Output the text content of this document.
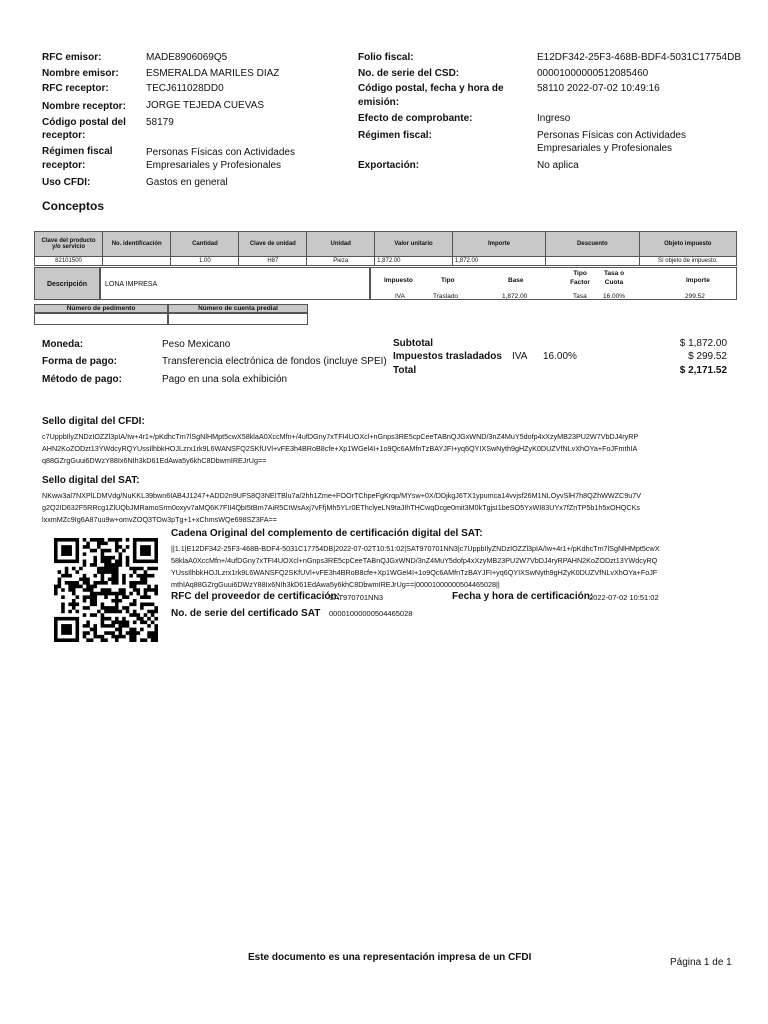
RFC emisor:	MADE8906069Q5
Nombre emisor:	ESMERALDA MARILES DIAZ
RFC receptor:	TECJ611028DD0
Nombre receptor: JORGE TEJEDA CUEVAS
Código postal del
receptor:
58179
Régimen fiscal
receptor:
Personas Físicas con Actividades
Empresariales y Profesionales
Uso CFDI:	Gastos en general
Folio fiscal:	E12DF342-25F3-468B-BDF4-5031C17754DB
No. de serie del CSD:	00001000000512085460
Código postal, fecha y hora de
emisión:
58110 2022-07-02 10:49:16
Efecto de comprobante:	Ingreso
Régimen fiscal:	Personas Físicas con Actividades
Empresariales y Profesionales
Exportación:	No aplica
Conceptos
Clave del producto y/o servicio	No. identificación	Cantidad	Clave de unidad	Unidad	Valor unitario	Importe	Descuento	Objeto impuesto
82101500		1.00	H87	Pieza	1,872.00	1,872.00		Sí objeto de impuesto.
Descripción	LONA IMPRESA
Impuesto	Tipo	Base
Tipo Factor
Tasa o Cuota	Importe
IVA	Traslado	1,872.00	Tasa	16.00%	299.52
Número de pedimento	Número de cuenta predial
Moneda:	Peso Mexicano
Forma de pago:	Transferencia electrónica de fondos (incluye SPEI)
Método de pago:	Pago en una sola exhibición
Subtotal	$ 1,872.00
Impuestos trasladados IVA 16.00%	$ 299.52
Total	$ 2,171.52
Sello digital del CFDI:
c7UppbIlyZNDzIOZZl3pIA/Iw+4r1+/pKdhcTm7lSgNlHMpt5cwX58klaA0XccMfn+/4ufDGny7xTFI4UOXcl+nGnps3RE5cpCeeTABnQJGxWND/3nZ4MuY5dofp4xXzyMB23PU2W7VbDJ4ryRP
AHN2KoZODzt13YWdcyRQYUssIlhbkHOJLzrx1rk9L6WANSFQ2SKfUVl+vFE3h4BRoB8cfe+Xp1WGel4I+1o9Qc6AMfnTzBAYJFI+yq6QYIXSwNyth9gHZyK0DUZVfNLvXhOYa+FoJFmthIA
q88GZrgGuui6DWzY88Ix6NIh3kD61EdAwa5y6khC8DbwmIREJrUg==
Sello digital del SAT:
NKww3al7NXPlLDMVdg/NuKKL39bwn6IAB4J1247+ADD2n9UFS8Q3NEITBlu7a/2hh1Zme+FOOrTChpeFgKrqp/MYsw+0X/DDjkgJ6TX1ypumca14vvjsf26M1NLOyvSlH7h8QZhWWZC9u7V
g2Q2ID632F5RRcg1ZlUQbJMRamoSrm0oxyv7aMQ6K7FII4QbI5tBm7AiR5CtWsAxj7vFfjMh5YLr0EThclyeLN9taJIhTHCwqDcge0mit3M0kTgjsI1beSO5YxWI83UYx7fZnTP5b1h5xOHQCKs
lxxmMZc9Ig6A87uu9w+omvZOQ3TOw3pTg+1+xChmsWQe698SZ3FA==
Cadena Original del complemento de certificación digital del SAT:
||1.1|E12DF342-25F3-468B-BDF4-5031C17754DB|2022-07-02T10:51:02|SAT970701NN3|c7UppbIlyZNDzIOZZl3pIA/Iw+4r1+/pKdhcTm7lSgNlHMpt5cwX
58klaA0XccMfn+/4ufDGny7xTFI4UOXcl+nGnps3RE5cpCeeTABnQJGxWND/3nZ4MuY5dofp4xXzyMB23PU2W7VbDJ4ryRPAHN2KoZODzt13YWdcyRQ
YUssIlhbkHOJLzrx1rk9L6WANSFQ2SKfUVl+vFE3h4BRoB8cfe+Xp1WGel4I+1o9Qc6AMfnTzBAYJFI+yq6QYIXSwNyth9gHZyK0DUZVfNLvXhOYa+FoJF
mthIAq88GZrgGuui6DWzY88Ix6NIh3kD61EdAwa5y6khC8DbwmIREJrUg==|00001000000504465028||
RFC del proveedor de certificación:
SAT970701NN3	Fecha y hora de certificación:
2022-07-02 10:51:02
No. de serie del certificado SAT 00001000000504465028
Este documento es una representación impresa de un CFDI	Página 1 de 1
